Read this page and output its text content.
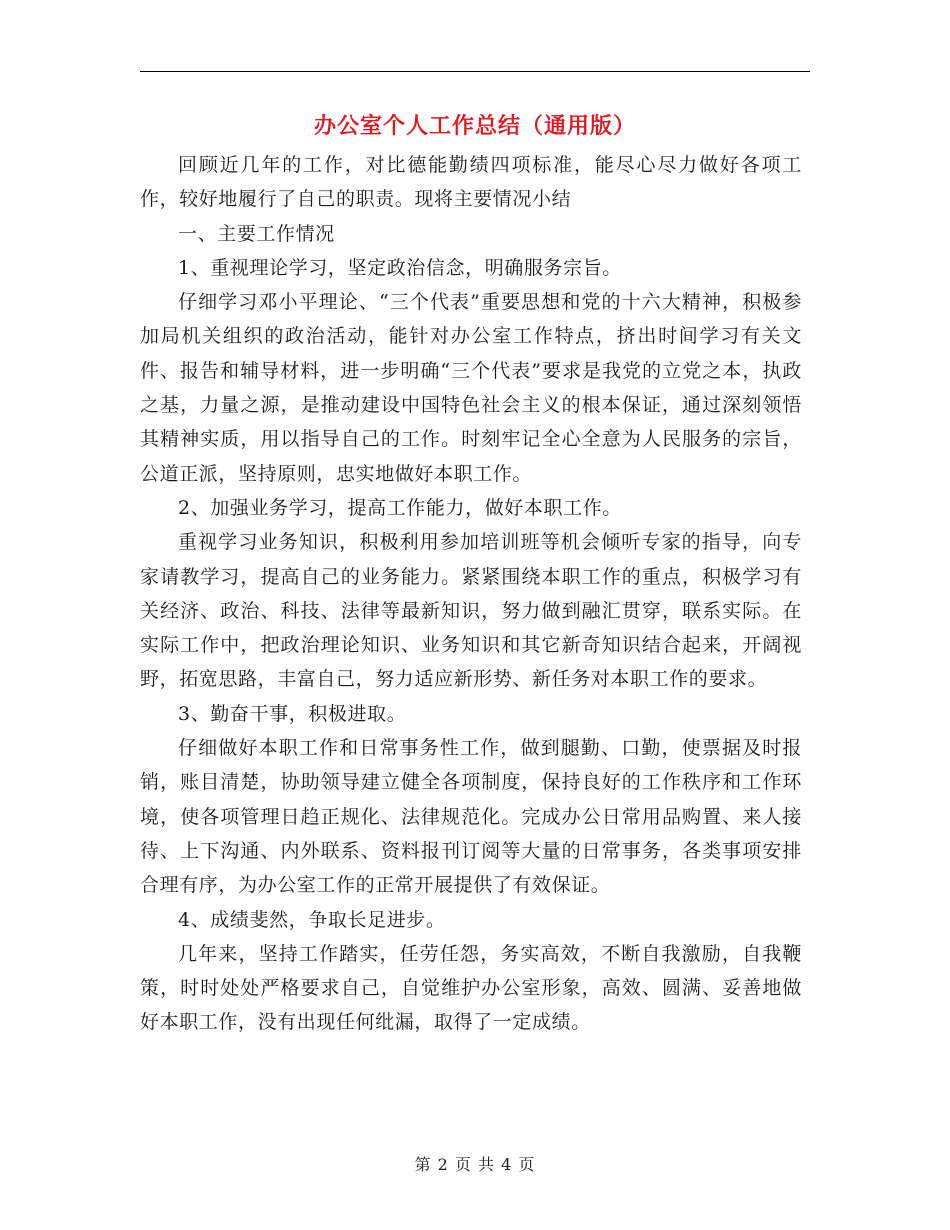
办公室个人工作总结（通用版）

回顾近几年的工作，对比德能勤绩四项标准，能尽心尽力做好各项工作，较好地履行了自己的职责。现将主要情况小结

一、主要工作情况

1、重视理论学习，坚定政治信念，明确服务宗旨。

仔细学习邓小平理论、“三个代表”重要思想和党的十六大精神，积极参加局机关组织的政治活动，能针对办公室工作特点，挤出时间学习有关文件、报告和辅导材料，进一步明确“三个代表”要求是我党的立党之本，执政之基，力量之源，是推动建设中国特色社会主义的根本保证，通过深刻领悟其精神实质，用以指导自己的工作。时刻牢记全心全意为人民服务的宗旨，公道正派，坚持原则，忠实地做好本职工作。

2、加强业务学习，提高工作能力，做好本职工作。

重视学习业务知识，积极利用参加培训班等机会倾听专家的指导，向专家请教学习，提高自己的业务能力。紧紧围绕本职工作的重点，积极学习有关经济、政治、科技、法律等最新知识，努力做到融汇贯穿，联系实际。在实际工作中，把政治理论知识、业务知识和其它新奇知识结合起来，开阔视野，拓宽思路，丰富自己，努力适应新形势、新任务对本职工作的要求。

3、勤奋干事，积极进取。

仔细做好本职工作和日常事务性工作，做到腿勤、口勤，使票据及时报销，账目清楚，协助领导建立健全各项制度，保持良好的工作秩序和工作环境，使各项管理日趋正规化、法律规范化。完成办公日常用品购置、来人接待、上下沟通、内外联系、资料报刊订阅等大量的日常事务，各类事项安排合理有序，为办公室工作的正常开展提供了有效保证。

4、成绩斐然，争取长足进步。

几年来，坚持工作踏实，任劳任怨，务实高效，不断自我激励，自我鞭策，时时处处严格要求自己，自觉维护办公室形象，高效、圆满、妥善地做好本职工作，没有出现任何纰漏，取得了一定成绩。

第 2 页 共 4 页
